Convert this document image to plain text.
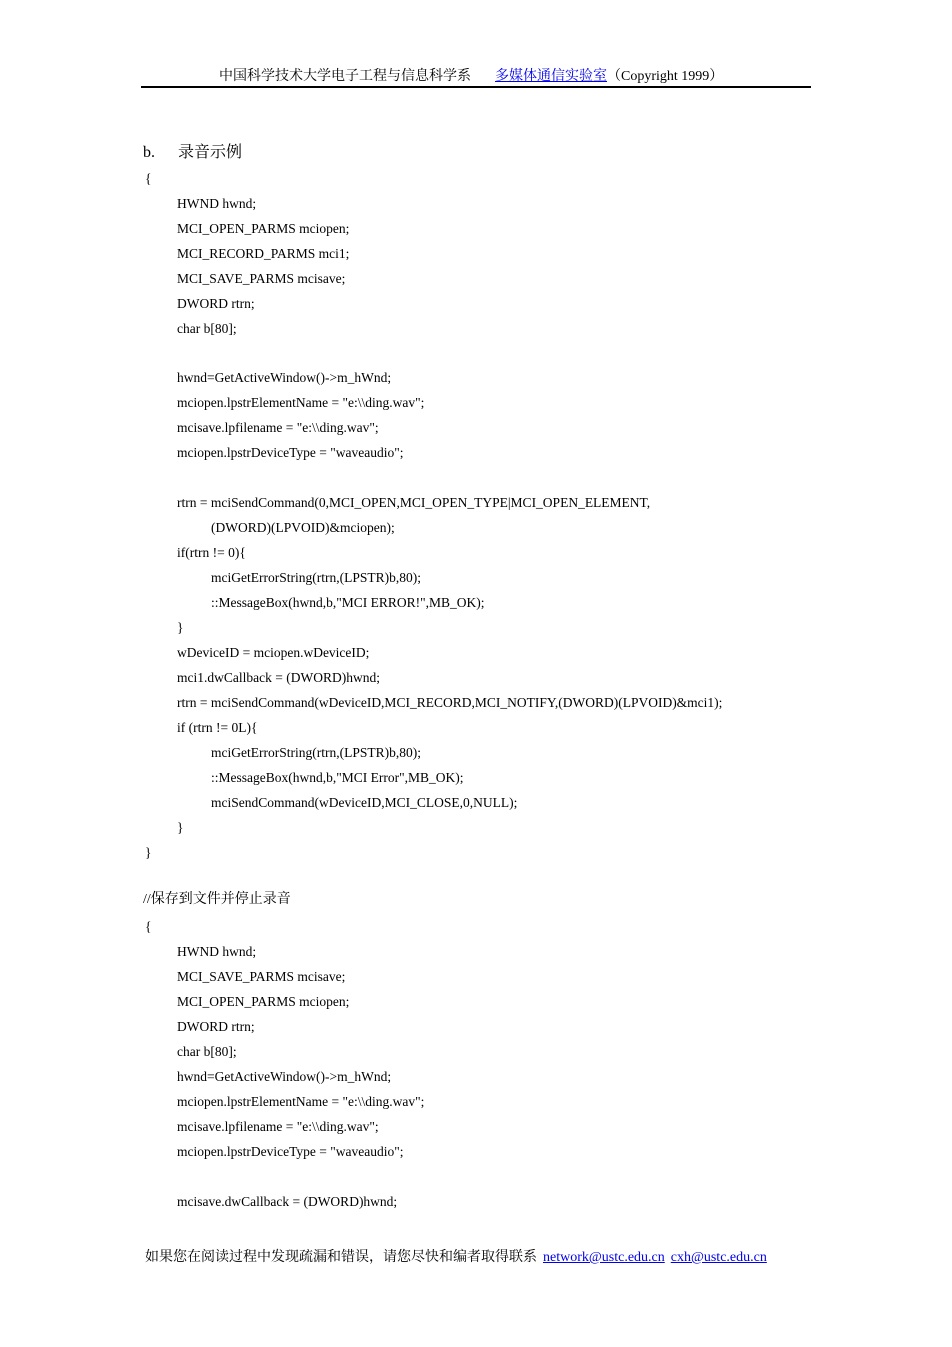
中国科学技术大学电子工程与信息科学系 多媒体通信实验室（Copyright 1999）
b. 录音示例
{
HWND hwnd;
MCI_OPEN_PARMS mciopen;
MCI_RECORD_PARMS mci1;
MCI_SAVE_PARMS mcisave;
DWORD rtrn;
char b[80];
hwnd=GetActiveWindow()->m_hWnd;
mciopen.lpstrElementName = "e:\\ding.wav";
mcisave.lpfilename = "e:\\ding.wav";
mciopen.lpstrDeviceType = "waveaudio";
rtrn = mciSendCommand(0,MCI_OPEN,MCI_OPEN_TYPE|MCI_OPEN_ELEMENT,
(DWORD)(LPVOID)&mciopen);
if(rtrn != 0){
mciGetErrorString(rtrn,(LPSTR)b,80);
::MessageBox(hwnd,b,"MCI ERROR!",MB_OK);
}
wDeviceID = mciopen.wDeviceID;
mci1.dwCallback = (DWORD)hwnd;
rtrn = mciSendCommand(wDeviceID,MCI_RECORD,MCI_NOTIFY,(DWORD)(LPVOID)&mci1);
if (rtrn != 0L){
mciGetErrorString(rtrn,(LPSTR)b,80);
::MessageBox(hwnd,b,"MCI Error",MB_OK);
mciSendCommand(wDeviceID,MCI_CLOSE,0,NULL);
}
}
//保存到文件并停止录音
{
HWND hwnd;
MCI_SAVE_PARMS mcisave;
MCI_OPEN_PARMS mciopen;
DWORD rtrn;
char b[80];
hwnd=GetActiveWindow()->m_hWnd;
mciopen.lpstrElementName = "e:\\ding.wav";
mcisave.lpfilename = "e:\\ding.wav";
mciopen.lpstrDeviceType = "waveaudio";
mcisave.dwCallback = (DWORD)hwnd;
如果您在阅读过程中发现疏漏和错误，请您尽快和编者取得联系 network@ustc.edu.cn cxh@ustc.edu.cn
